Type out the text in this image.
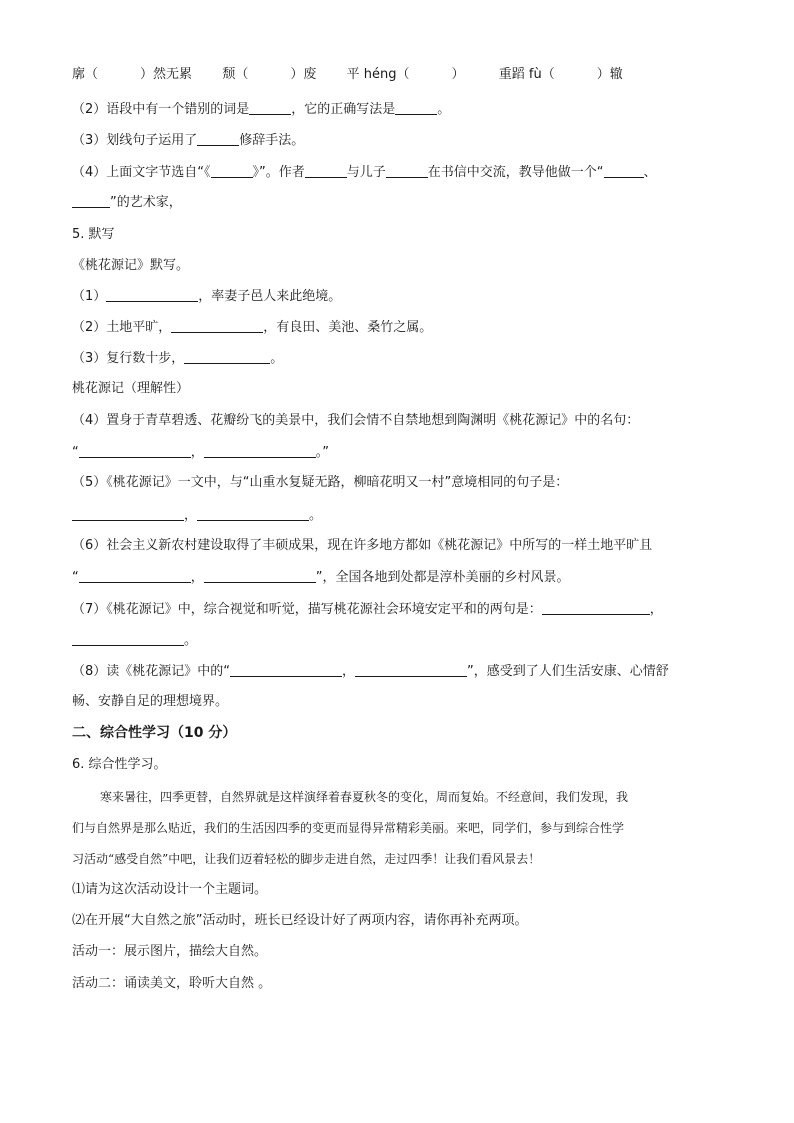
廓（	）然无累 颓（	）废 平 héng（	）	重蹈 fù（	）辙
（2）语段中有一个错别的词是	，它的正确写法是	。
（3）划线句子运用了	修辞手法。
（4）上面文字节选自“《	》”。作者	与儿子	在书信中交流，教导他做一个“	、
”的艺术家，
5. 默写
《桃花源记》默写。
（1）	，率妻子邑人来此绝境。
（2）土地平旷，	，有良田、美池、桑竹之属。
（3）复行数十步，	。
桃花源记（理解性）
（4）置身于青草碧透、花瓣纷飞的美景中，我们会情不自禁地想到陶渊明《桃花源记》中的名句：
“	，	。”
（5）《桃花源记》一文中，与“山重水复疑无路，柳暗花明又一村”意境相同的句子是：
，	。
（6）社会主义新农村建设取得了丰硕成果，现在许多地方都如《桃花源记》中所写的一样土地平旷且
“	，	”，全国各地到处都是淳朴美丽的乡村风景。
（7）《桃花源记》中，综合视觉和听觉，描写桃花源社会环境安定平和的两句是：	，
。
（8）读《桃花源记》中的“	，	”，感受到了人们生活安康、心情舒
畅、安静自足的理想境界。
二、综合性学习（10 分）
6. 综合性学习。
寒来暑往，四季更替，自然界就是这样演绎着春夏秋冬的变化，周而复始。不经意间，我们发现，我
们与自然界是那么贴近，我们的生活因四季的变更而显得异常精彩美丽。来吧，同学们，参与到综合性学
习活动“感受自然”中吧，让我们迈着轻松的脚步走进自然，走过四季！让我们看风景去！
⑴请为这次活动设计一个主题词。
⑵在开展“大自然之旅”活动时，班长已经设计好了两项内容，请你再补充两项。
活动一：展示图片，描绘大自然。
活动二：诵读美文，聆听大自然 。
